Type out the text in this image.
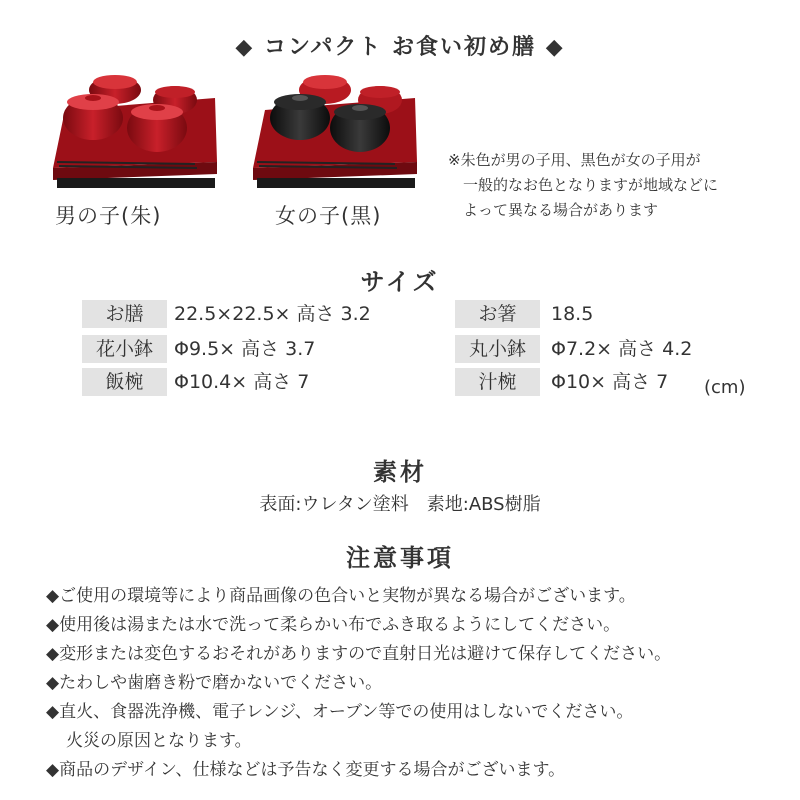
◆ コンパクト お食い初め膳 ◆
男の子(朱)	女の子(黒)
※朱色が男の子用、黒色が女の子用が
一般的なお色となりますが地域などに
よって異なる場合があります
サイズ
お膳	22.5×22.5× 高さ 3.2	お箸	18.5
花小鉢	Φ9.5× 高さ 3.7	丸小鉢	Φ7.2× 高さ 4.2
飯椀	Φ10.4× 高さ 7	汁椀	Φ10× 高さ 7 (cm)
素材
表面:ウレタン塗料　素地:ABS樹脂
注意事項
◆ご使用の環境等により商品画像の色合いと実物が異なる場合がございます。
◆使用後は湯または水で洗って柔らかい布でふき取るようにしてください。
◆変形または変色するおそれがありますので直射日光は避けて保存してください。
◆たわしや歯磨き粉で磨かないでください。
◆直火、食器洗浄機、電子レンジ、オーブン等での使用はしないでください。
火災の原因となります。
◆商品のデザイン、仕様などは予告なく変更する場合がございます。
